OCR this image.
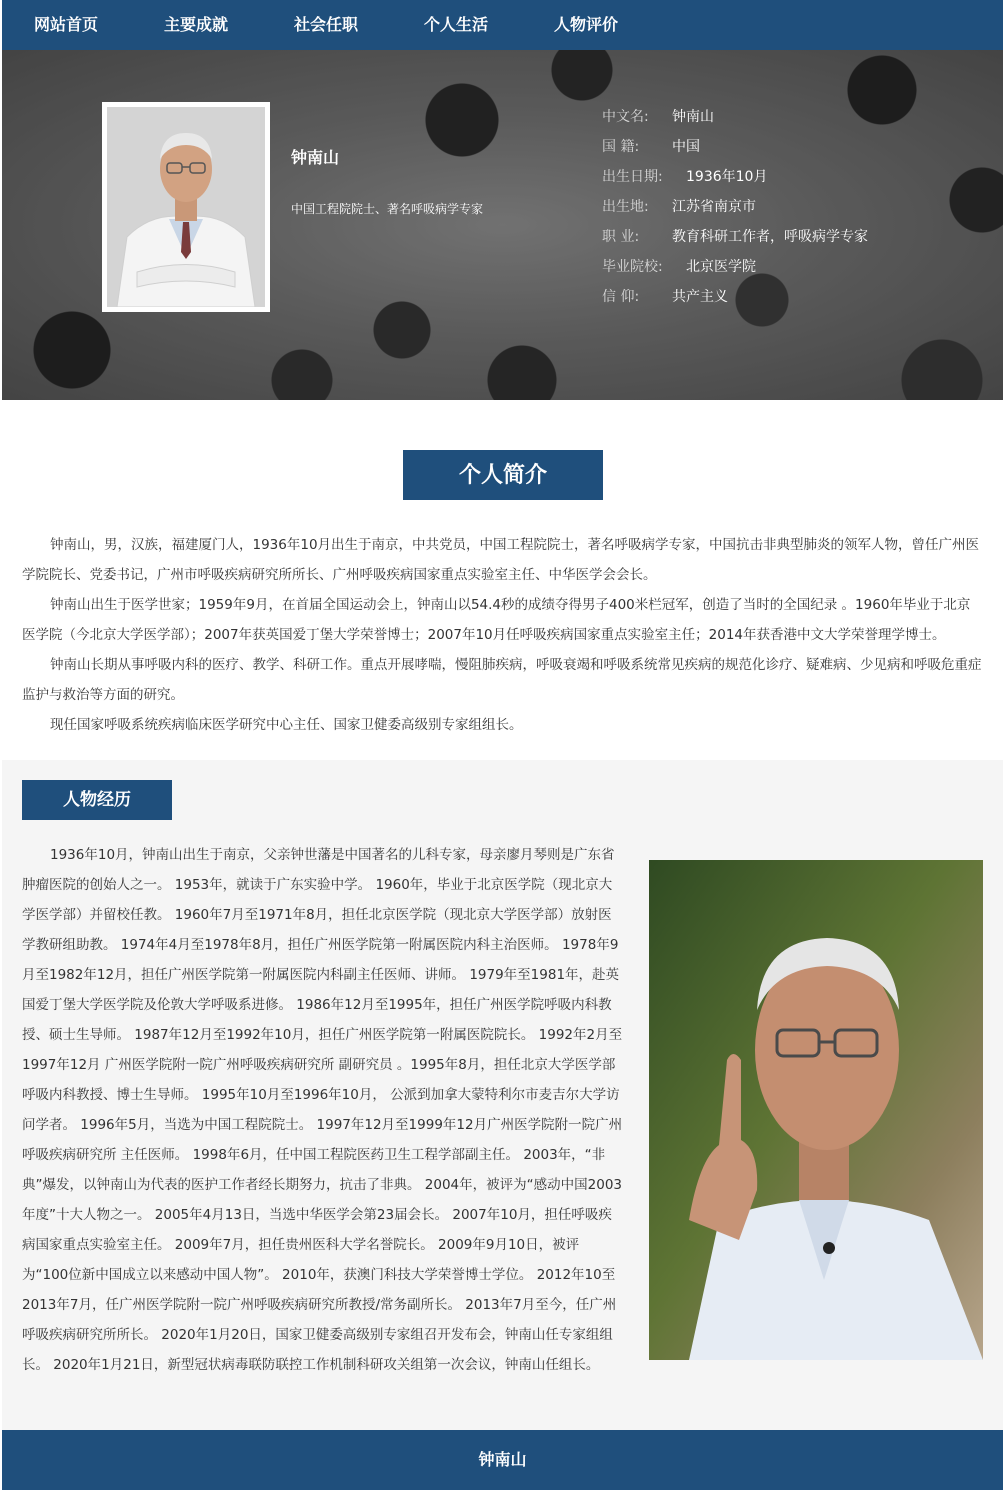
网站首页	主要成就	社会任职	个人生活	人物评价
钟南山
中国工程院院士、著名呼吸病学专家
中文名: 钟南山
国 籍: 中国
出生日期: 1936年10月
出生地: 江苏省南京市
职 业: 教育科研工作者，呼吸病学专家
毕业院校: 北京医学院
信 仰: 共产主义
个人简介

钟南山，男，汉族，福建厦门人，1936年10月出生于南京，中共党员，中国工程院院士，著名呼吸病学专家，中国抗击非典型肺炎的领军人物，曾任广州医学院院长、党委书记，广州市呼吸疾病研究所所长、广州呼吸疾病国家重点实验室主任、中华医学会会长。

钟南山出生于医学世家；1959年9月，在首届全国运动会上，钟南山以54.4秒的成绩夺得男子400米栏冠军，创造了当时的全国纪录 。1960年毕业于北京医学院（今北京大学医学部）；2007年获英国爱丁堡大学荣誉博士；2007年10月任呼吸疾病国家重点实验室主任；2014年获香港中文大学荣誉理学博士。

钟南山长期从事呼吸内科的医疗、教学、科研工作。重点开展哮喘，慢阻肺疾病，呼吸衰竭和呼吸系统常见疾病的规范化诊疗、疑难病、少见病和呼吸危重症监护与救治等方面的研究。

现任国家呼吸系统疾病临床医学研究中心主任、国家卫健委高级别专家组组长。

人物经历

1936年10月，钟南山出生于南京，父亲钟世藩是中国著名的儿科专家，母亲廖月琴则是广东省肿瘤医院的创始人之一。 1953年，就读于广东实验中学。 1960年，毕业于北京医学院（现北京大学医学部）并留校任教。 1960年7月至1971年8月，担任北京医学院（现北京大学医学部）放射医学教研组助教。 1974年4月至1978年8月，担任广州医学院第一附属医院内科主治医师。 1978年9月至1982年12月，担任广州医学院第一附属医院内科副主任医师、讲师。 1979年至1981年，赴英国爱丁堡大学医学院及伦敦大学呼吸系进修。 1986年12月至1995年，担任广州医学院呼吸内科教授、硕士生导师。 1987年12月至1992年10月，担任广州医学院第一附属医院院长。 1992年2月至1997年12月 广州医学院附一院广州呼吸疾病研究所 副研究员 。1995年8月，担任北京大学医学部呼吸内科教授、博士生导师。 1995年10月至1996年10月， 公派到加拿大蒙特利尔市麦吉尔大学访问学者。 1996年5月，当选为中国工程院院士。 1997年12月至1999年12月广州医学院附一院广州呼吸疾病研究所 主任医师。 1998年6月，任中国工程院医药卫生工程学部副主任。 2003年，“非典”爆发，以钟南山为代表的医护工作者经长期努力，抗击了非典。 2004年，被评为“感动中国2003年度”十大人物之一。 2005年4月13日，当选中华医学会第23届会长。 2007年10月，担任呼吸疾病国家重点实验室主任。 2009年7月，担任贵州医科大学名誉院长。 2009年9月10日，被评为“100位新中国成立以来感动中国人物”。 2010年，获澳门科技大学荣誉博士学位。 2012年10至2013年7月，任广州医学院附一院广州呼吸疾病研究所教授/常务副所长。 2013年7月至今，任广州呼吸疾病研究所所长。 2020年1月20日，国家卫健委高级别专家组召开发布会，钟南山任专家组组长。 2020年1月21日，新型冠状病毒联防联控工作机制科研攻关组第一次会议，钟南山任组长。

钟南山
